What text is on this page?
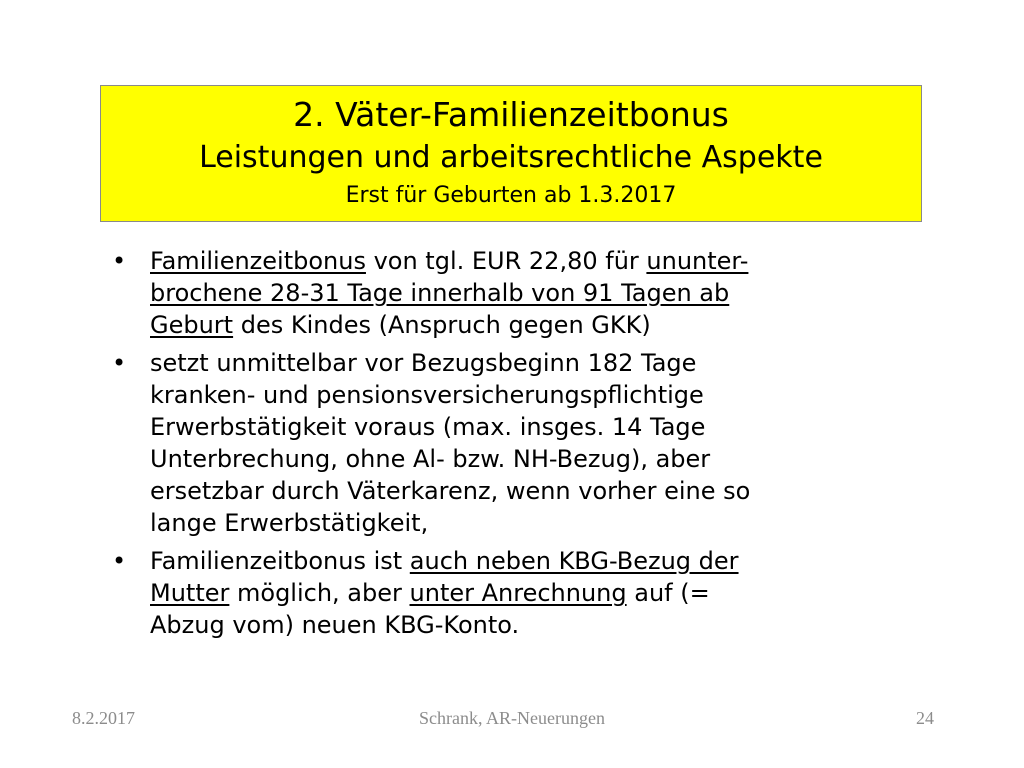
2. Väter-Familienzeitbonus
Leistungen und arbeitsrechtliche Aspekte
Erst für Geburten ab 1.3.2017
• Familienzeitbonus von tgl. EUR 22,80 für ununter-
brochene 28-31 Tage innerhalb von 91 Tagen ab
Geburt des Kindes (Anspruch gegen GKK)
• setzt unmittelbar vor Bezugsbeginn 182 Tage
kranken- und pensionsversicherungspflichtige
Erwerbstätigkeit voraus (max. insges. 14 Tage
Unterbrechung, ohne Al- bzw. NH-Bezug), aber
ersetzbar durch Väterkarenz, wenn vorher eine so
lange Erwerbstätigkeit,
• Familienzeitbonus ist auch neben KBG-Bezug der
Mutter möglich, aber unter Anrechnung auf (=
Abzug vom) neuen KBG-Konto.
8.2.2017	Schrank, AR-Neuerungen	24
